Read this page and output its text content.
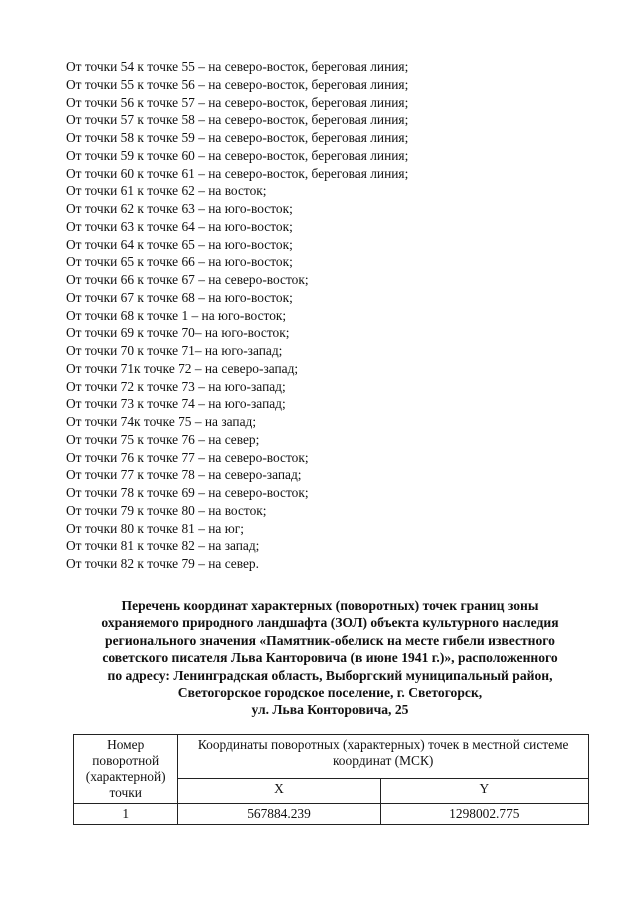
От точки 54 к точке 55 – на северо-восток, береговая линия;
От точки 55 к точке 56 – на северо-восток, береговая линия;
От точки 56 к точке 57 – на северо-восток, береговая линия;
От точки 57 к точке 58 – на северо-восток, береговая линия;
От точки 58 к точке 59 – на северо-восток, береговая линия;
От точки 59 к точке 60 – на северо-восток, береговая линия;
От точки 60 к точке 61 – на северо-восток, береговая линия;
От точки 61 к точке 62 – на восток;
От точки 62 к точке 63 – на юго-восток;
От точки 63 к точке 64 – на юго-восток;
От точки 64 к точке 65 – на юго-восток;
От точки 65 к точке 66 – на юго-восток;
От точки 66 к точке 67 – на северо-восток;
От точки 67 к точке 68 – на юго-восток;
От точки 68 к точке 1 – на юго-восток;
От точки 69 к точке 70– на юго-восток;
От точки 70 к точке 71– на юго-запад;
От точки 71к точке 72 – на северо-запад;
От точки 72 к точке 73 – на юго-запад;
От точки 73 к точке 74 – на юго-запад;
От точки 74к точке 75 – на запад;
От точки 75 к точке 76 – на север;
От точки 76 к точке 77 – на северо-восток;
От точки 77 к точке 78 – на северо-запад;
От точки 78 к точке 69 – на северо-восток;
От точки 79 к точке 80 – на восток;
От точки 80 к точке 81 – на юг;
От точки 81 к точке 82 – на запад;
От точки 82 к точке 79 – на север.
Перечень координат характерных (поворотных) точек границ зоны
охраняемого природного ландшафта (ЗОЛ) объекта культурного наследия
регионального значения «Памятник-обелиск на месте гибели известного
советского писателя Льва Канторовича (в июне 1941 г.)», расположенного
по адресу: Ленинградская область, Выборгский муниципальный район,
Светогорское городское поселение, г. Светогорск,
ул. Льва Конторовича, 25
Номер поворотной (характерной) точки	Координаты поворотных (характерных) точек в местной системе координат (МСК)	
	X	Y
1	567884.239	1298002.775
